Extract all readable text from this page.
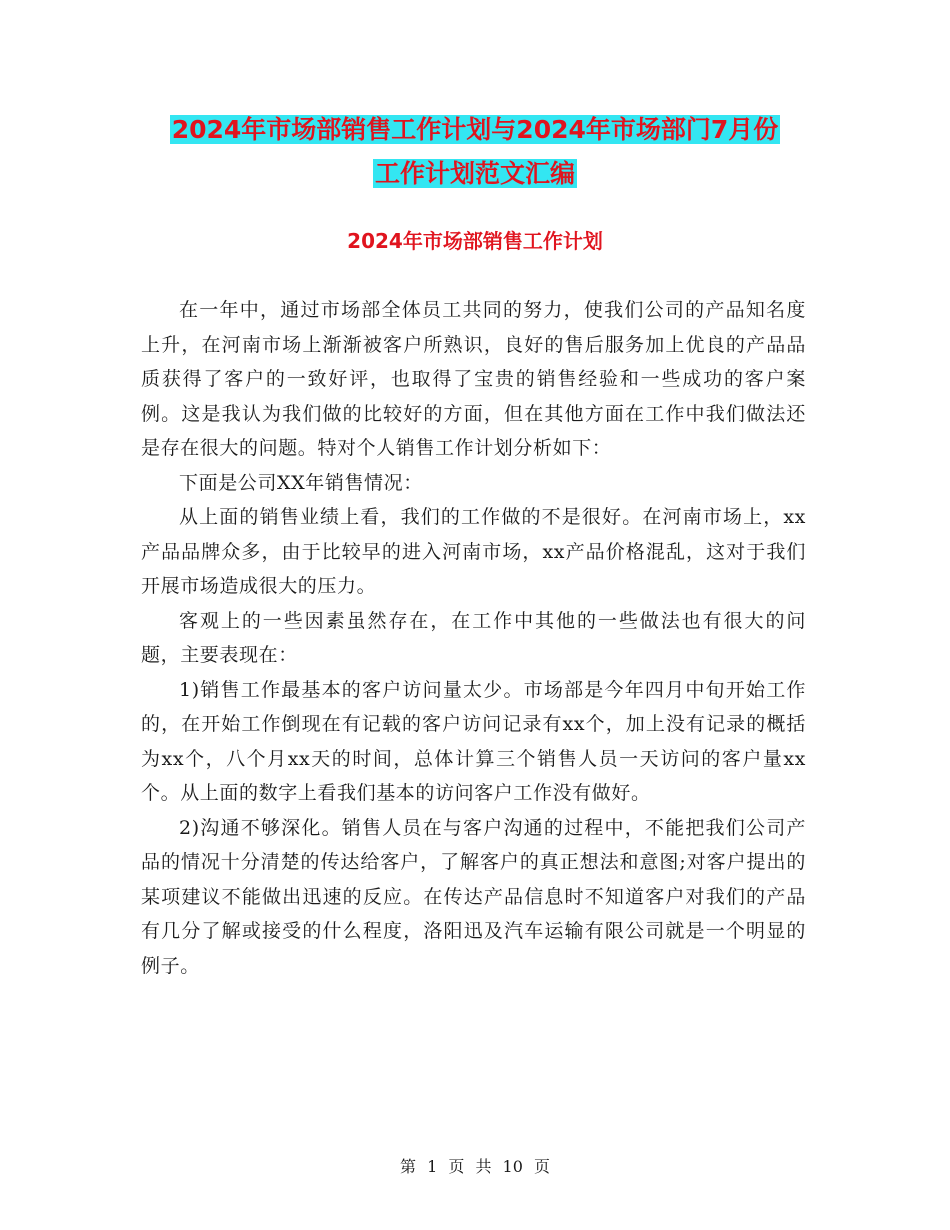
2024年市场部销售工作计划与2024年市场部门7月份
工作计划范文汇编
2024年市场部销售工作计划

在一年中，通过市场部全体员工共同的努力，使我们公司的产品知名度上升，在河南市场上渐渐被客户所熟识，良好的售后服务加上优良的产品品质获得了客户的一致好评，也取得了宝贵的销售经验和一些成功的客户案例。这是我认为我们做的比较好的方面，但在其他方面在工作中我们做法还是存在很大的问题。特对个人销售工作计划分析如下：

下面是公司XX年销售情况：

从上面的销售业绩上看，我们的工作做的不是很好。在河南市场上，xx产品品牌众多，由于比较早的进入河南市场，xx产品价格混乱，这对于我们开展市场造成很大的压力。

客观上的一些因素虽然存在，在工作中其他的一些做法也有很大的问题，主要表现在：

1)销售工作最基本的客户访问量太少。市场部是今年四月中旬开始工作的，在开始工作倒现在有记载的客户访问记录有xx个，加上没有记录的概括为xx个，八个月xx天的时间，总体计算三个销售人员一天访问的客户量xx个。从上面的数字上看我们基本的访问客户工作没有做好。

2)沟通不够深化。销售人员在与客户沟通的过程中，不能把我们公司产品的情况十分清楚的传达给客户，了解客户的真正想法和意图;对客户提出的某项建议不能做出迅速的反应。在传达产品信息时不知道客户对我们的产品有几分了解或接受的什么程度，洛阳迅及汽车运输有限公司就是一个明显的例子。

第 1 页 共 10 页
